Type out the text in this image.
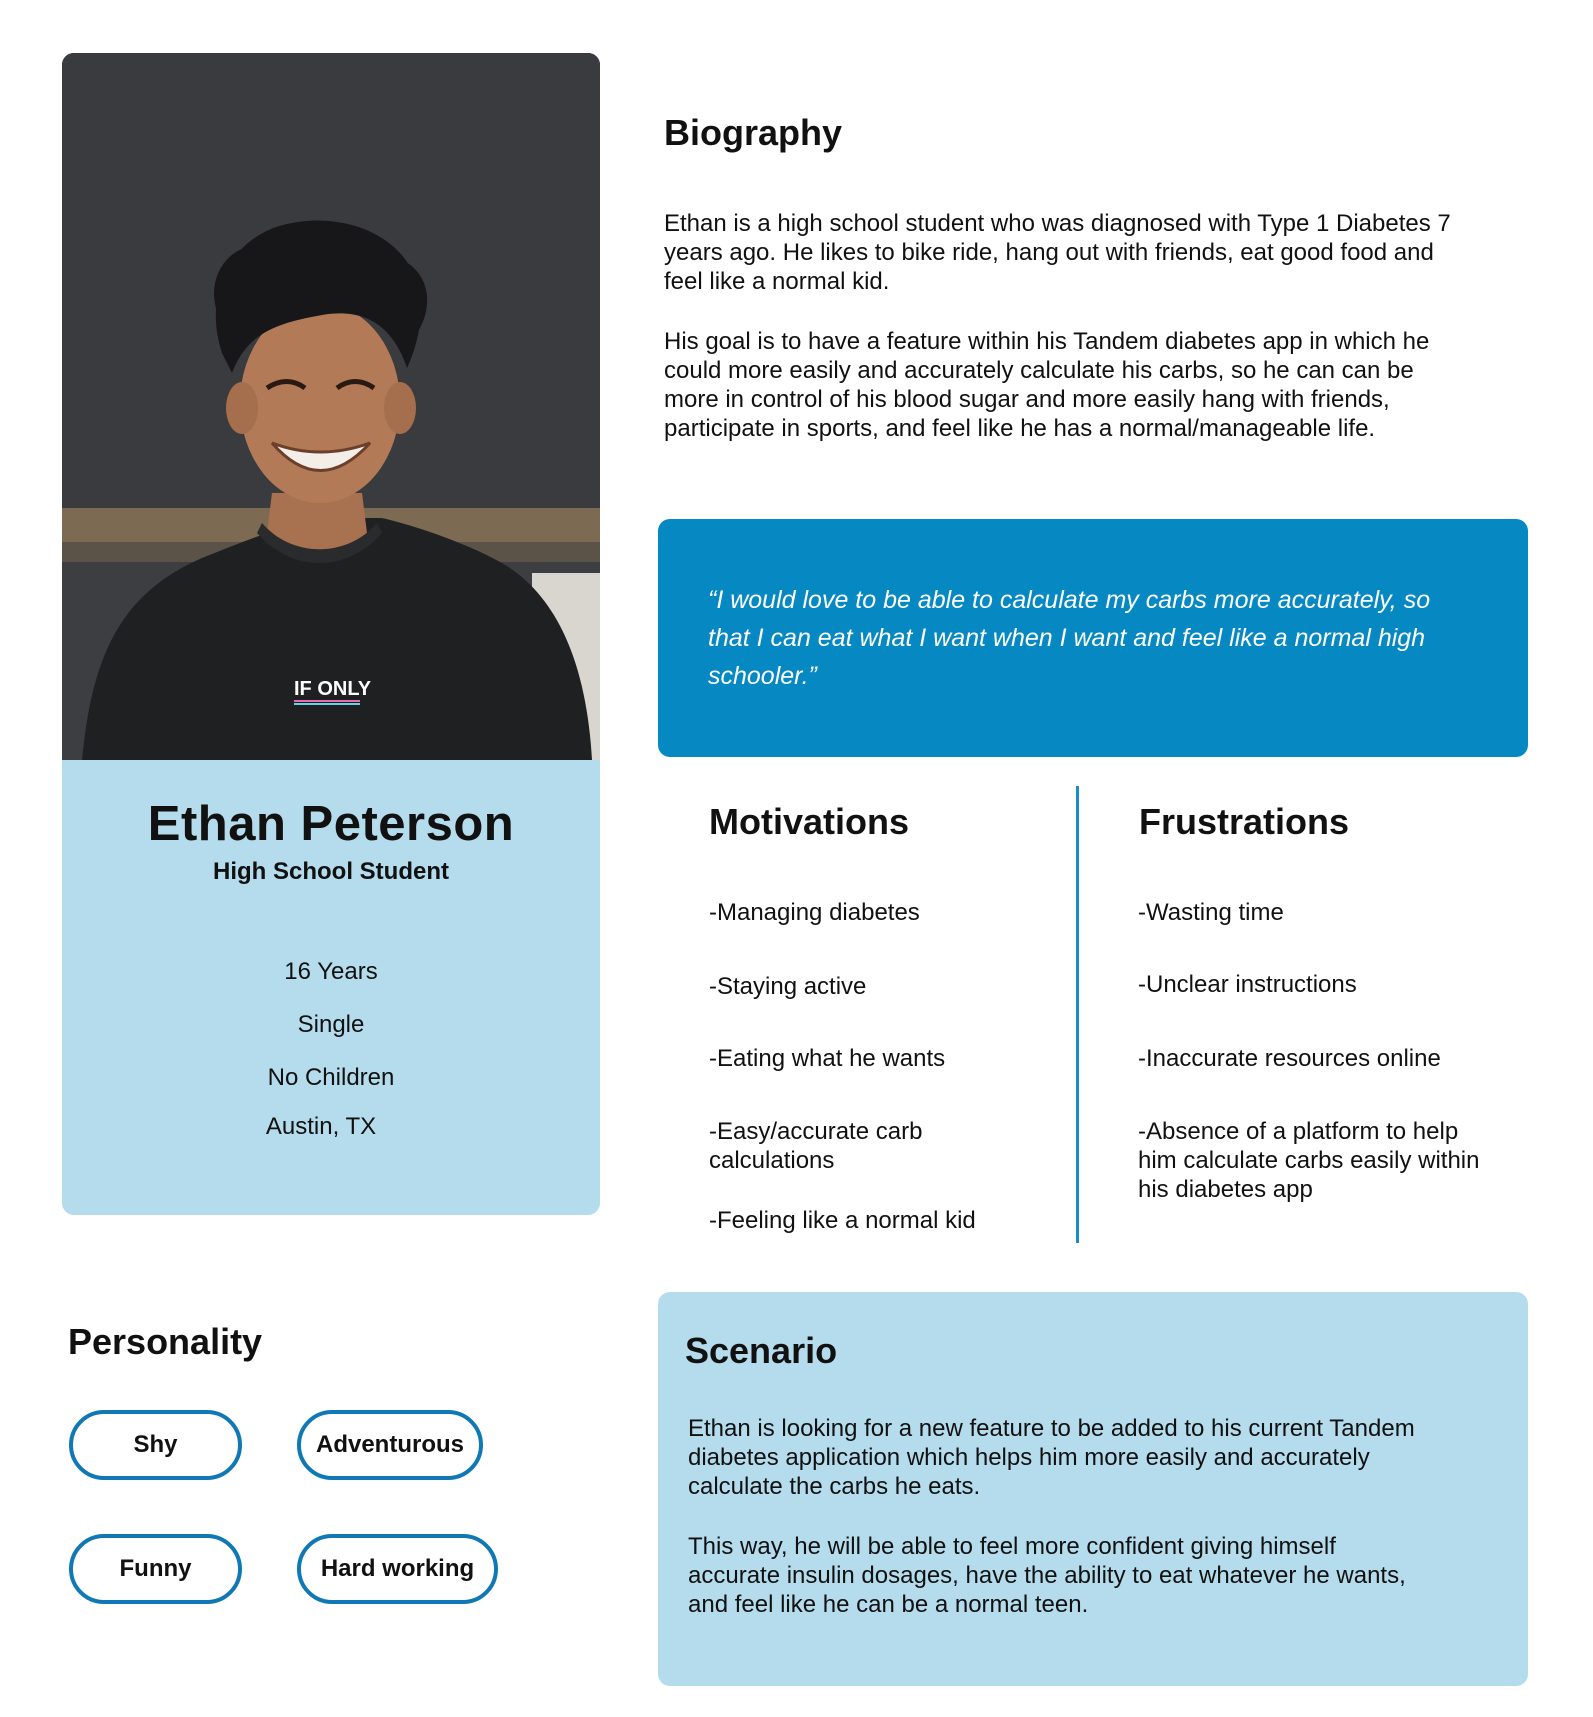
IF ONLY
Ethan Peterson
High School Student
16 Years
Single
No Children
Austin, TX
Biography
Ethan is a high school student who was diagnosed with Type 1 Diabetes 7
years ago. He likes to bike ride, hang out with friends, eat good food and
feel like a normal kid.
His goal is to have a feature within his Tandem diabetes app in which he
could more easily and accurately calculate his carbs, so he can can be
more in control of his blood sugar and more easily hang with friends,
participate in sports, and feel like he has a normal/manageable life.
“I would love to be able to calculate my carbs more accurately, so
that I can eat what I want when I want and feel like a normal high
schooler.”
Motivations
-Managing diabetes
-Staying active
-Eating what he wants
-Easy/accurate carb
calculations
-Feeling like a normal kid
Frustrations
-Wasting time
-Unclear instructions
-Inaccurate resources online
-Absence of a platform to help
him calculate carbs easily within
his diabetes app
Personality
Shy	Adventurous
Funny	Hard working
Scenario
Ethan is looking for a new feature to be added to his current Tandem
diabetes application which helps him more easily and accurately
calculate the carbs he eats.
This way, he will be able to feel more confident giving himself
accurate insulin dosages, have the ability to eat whatever he wants,
and feel like he can be a normal teen.
